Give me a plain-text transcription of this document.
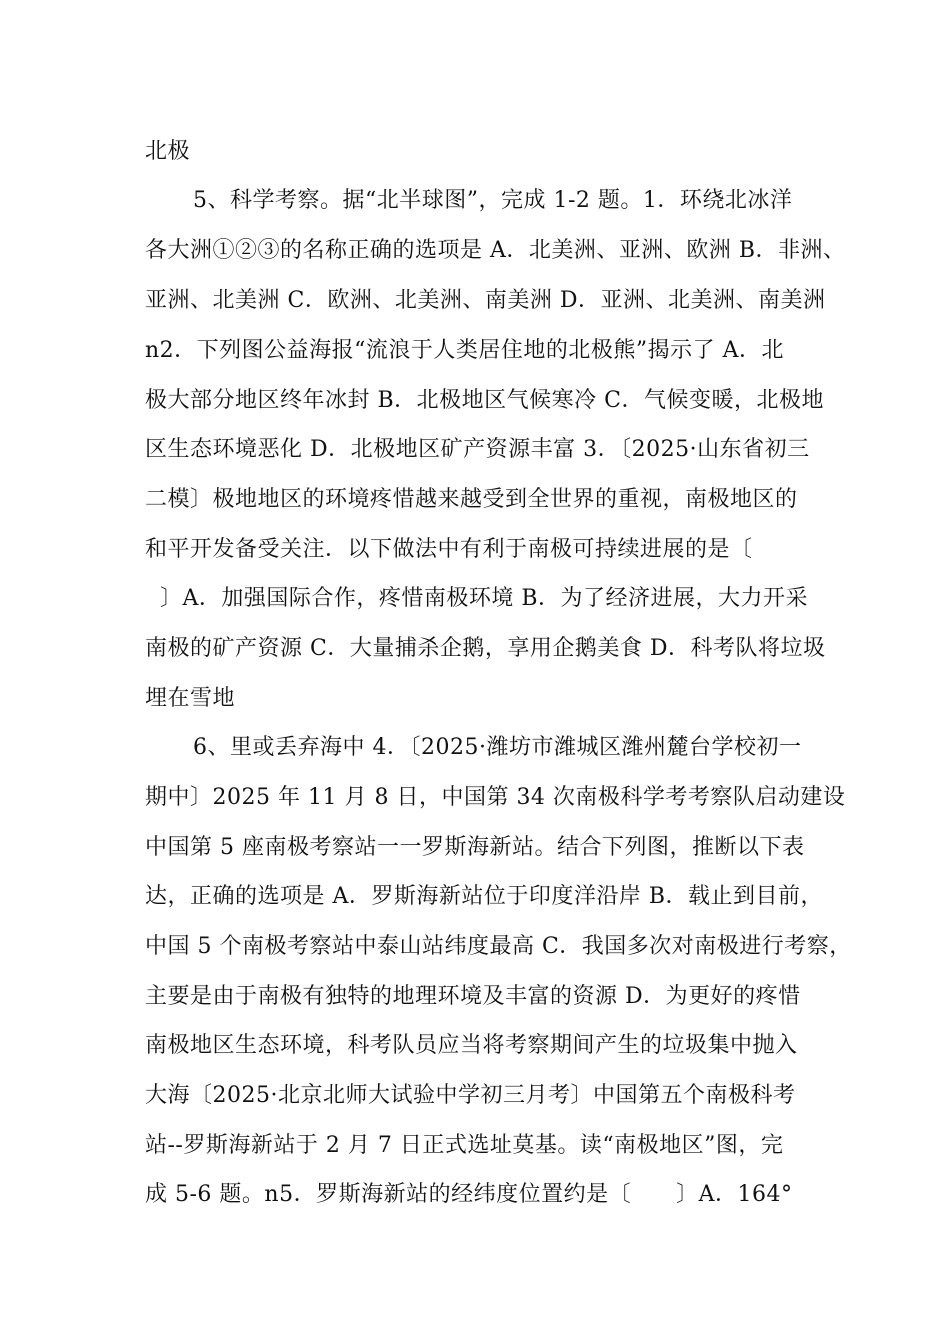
北极
5、科学考察。据“北半球图”，完成 1-2 题。1．环绕北冰洋
各大洲①②③的名称正确的选项是 A．北美洲、亚洲、欧洲 B．非洲、
亚洲、北美洲 C．欧洲、北美洲、南美洲 D．亚洲、北美洲、南美洲
n2．下列图公益海报“流浪于人类居住地的北极熊”揭示了 A．北
极大部分地区终年冰封 B．北极地区气候寒冷 C．气候变暖，北极地
区生态环境恶化 D．北极地区矿产资源丰富 3．〔2025·山东省初三
二模〕极地地区的环境疼惜越来越受到全世界的重视，南极地区的
和平开发备受关注．以下做法中有利于南极可持续进展的是〔
〕A．加强国际合作，疼惜南极环境 B．为了经济进展，大力开采
南极的矿产资源 C．大量捕杀企鹅，享用企鹅美食 D．科考队将垃圾
埋在雪地
6、里或丢弃海中 4．〔2025·潍坊市潍城区潍州麓台学校初一
期中〕2025 年 11 月 8 日，中国第 34 次南极科学考考察队启动建设
中国第 5 座南极考察站一一罗斯海新站。结合下列图，推断以下表
达，正确的选项是 A．罗斯海新站位于印度洋沿岸 B．载止到目前，
中国 5 个南极考察站中泰山站纬度最高 C．我国多次对南极进行考察，
主要是由于南极有独特的地理环境及丰富的资源 D．为更好的疼惜
南极地区生态环境，科考队员应当将考察期间产生的垃圾集中抛入
大海〔2025·北京北师大试验中学初三月考〕中国第五个南极科考
站--罗斯海新站于 2 月 7 日正式选址莫基。读“南极地区”图，完
成 5-6 题。n5．罗斯海新站的经纬度位置约是〔　　〕A．164°
